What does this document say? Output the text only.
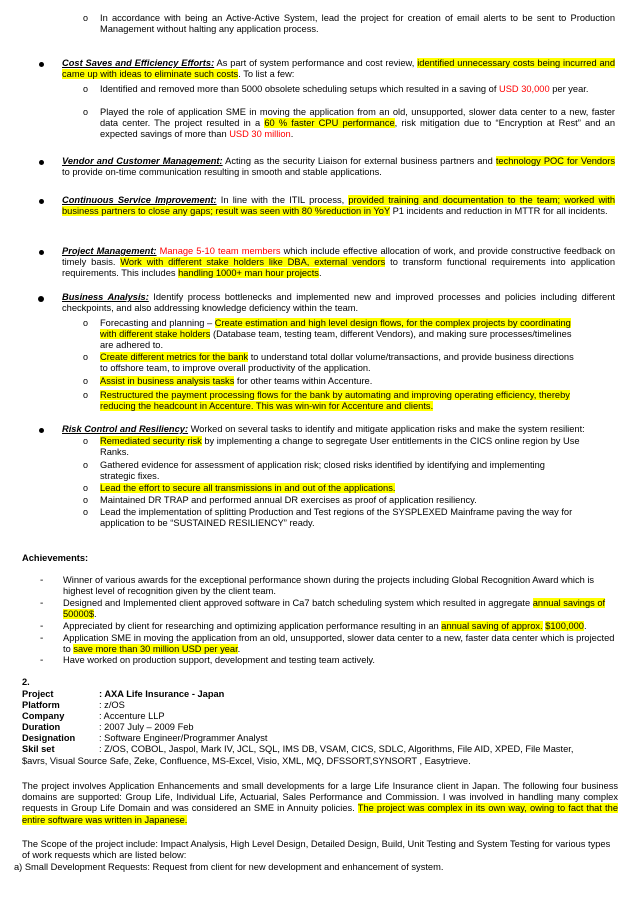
o In accordance with being an Active-Active System, lead the project for creation of email alerts to be sent to Production Management without halting any application process.
Cost Saves and Efficiency Efforts: As part of system performance and cost review, identified unnecessary costs being incurred and came up with ideas to eliminate such costs. To list a few:
o Identified and removed more than 5000 obsolete scheduling setups which resulted in a saving of USD 30,000 per year.
o Played the role of application SME in moving the application from an old, unsupported, slower data center to a new, faster data center. The project resulted in a 60 % faster CPU performance, risk mitigation due to “Encryption at Rest” and an expected savings of more than USD 30 million.
Vendor and Customer Management: Acting as the security Liaison for external business partners and technology POC for Vendors to provide on-time communication resulting in smooth and stable applications.
Continuous Service Improvement: In line with the ITIL process, provided training and documentation to the team; worked with business partners to close any gaps; result was seen with 80 %reduction in YoY P1 incidents and reduction in MTTR for all incidents.
Project Management: Manage 5-10 team members which include effective allocation of work, and provide constructive feedback on timely basis. Work with different stake holders like DBA, external vendors to transform functional requirements into application requirements. This includes handling 1000+ man hour projects.
Business Analysis: Identify process bottlenecks and implemented new and improved processes and policies including different checkpoints, and also addressing knowledge deficiency within the team.
o Forecasting and planning – Create estimation and high level design flows, for the complex projects by coordinating with different stake holders (Database team, testing team, different Vendors), and making sure processes/timelines are adhered to.
o Create different metrics for the bank to understand total dollar volume/transactions, and provide business directions to offshore team, to improve overall productivity of the application.
o Assist in business analysis tasks for other teams within Accenture.
o Restructured the payment processing flows for the bank by automating and improving operating efficiency, thereby reducing the headcount in Accenture. This was win-win for Accenture and clients.
Risk Control and Resiliency: Worked on several tasks to identify and mitigate application risks and make the system resilient:
o Remediated security risk by implementing a change to segregate User entitlements in the CICS online region by Use Ranks.
o Gathered evidence for assessment of application risk; closed risks identified by identifying and implementing strategic fixes.
o Lead the effort to secure all transmissions in and out of the applications.
o Maintained DR TRAP and performed annual DR exercises as proof of application resiliency.
o Lead the implementation of splitting Production and Test regions of the SYSPLEXED Mainframe paving the way for application to be “SUSTAINED RESILIENCY” ready.
Achievements:
- Winner of various awards for the exceptional performance shown during the projects including Global Recognition Award which is highest level of recognition given by the client team.
- Designed and Implemented client approved software in Ca7 batch scheduling system which resulted in aggregate annual savings of 50000$.
- Appreciated by client for researching and optimizing application performance resulting in an annual saving of approx. $100,000.
- Application SME in moving the application from an old, unsupported, slower data center to a new, faster data center which is projected to save more than 30 million USD per year.
- Have worked on production support, development and testing team actively.
2.
Project	: AXA Life Insurance - Japan
Platform	: z/OS
Company	: Accenture LLP
Duration	: 2007 July – 2009 Feb
Designation	: Software Engineer/Programmer Analyst
Skil set	: Z/OS, COBOL, Jaspol, Mark IV, JCL, SQL, IMS DB, VSAM, CICS, SDLC, Algorithms, File AID, XPED, File Master,
$avrs, Visual Source Safe, Zeke, Confluence, MS-Excel, Visio, XML, MQ, DFSSORT,SYNSORT , Easytrieve.
The project involves Application Enhancements and small developments for a large Life Insurance client in Japan. The following four business domains are supported: Group Life, Individual Life, Actuarial, Sales Performance and Commission. I was involved in handling many complex requests in Group Life Domain and was considered an SME in Annuity policies. The project was complex in its own way, owing to fact that the entire software was written in Japanese.
The Scope of the project include: Impact Analysis, High Level Design, Detailed Design, Build, Unit Testing and System Testing for various types of work requests which are listed below:
a) Small Development Requests: Request from client for new development and enhancement of system.
